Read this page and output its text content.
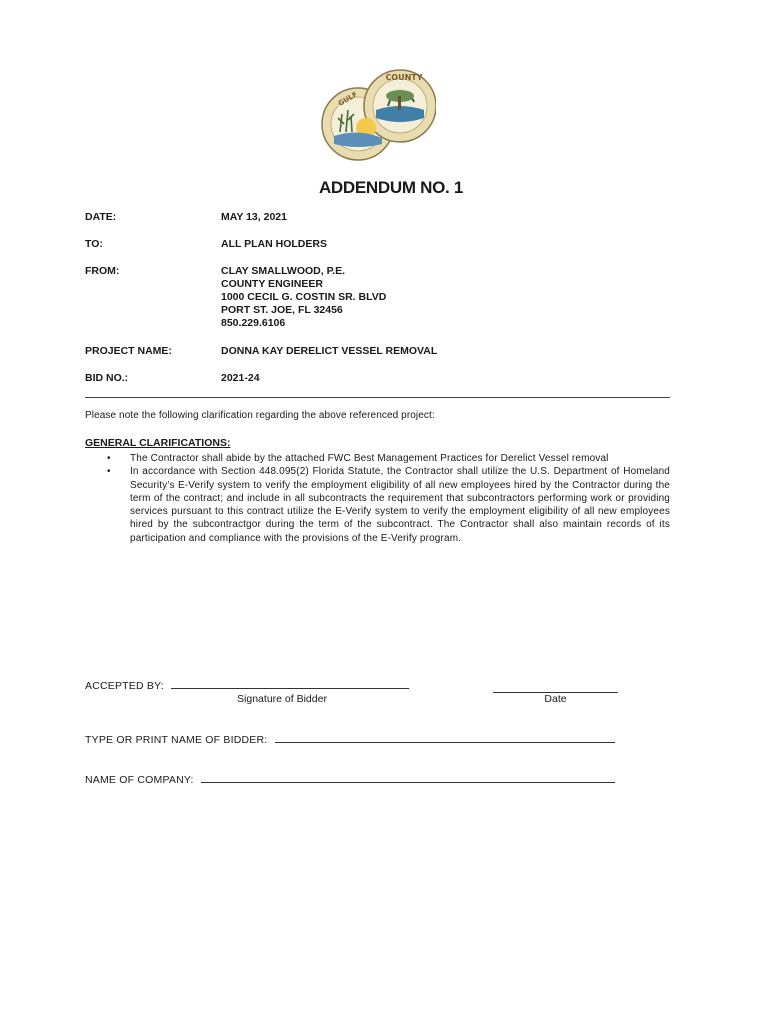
COUNTY
GULF
ADDENDUM NO. 1
DATE:	MAY 13, 2021
TO:	ALL PLAN HOLDERS
FROM:	CLAY SMALLWOOD, P.E.
COUNTY ENGINEER
1000 CECIL G. COSTIN SR. BLVD
PORT ST. JOE, FL 32456
850.229.6106
PROJECT NAME:	DONNA KAY DERELICT VESSEL REMOVAL
BID NO.:	2021-24
Please note the following clarification regarding the above referenced project:
GENERAL CLARIFICATIONS:
• The Contractor shall abide by the attached FWC Best Management Practices for Derelict Vessel removal
• In accordance with Section 448.095(2) Florida Statute, the Contractor shall utilize the U.S. Department of Homeland Security’s E-Verify system to verify the employment eligibility of all new employees hired by the Contractor during the term of the contract; and include in all subcontracts the requirement that subcontractors performing work or providing services pursuant to this contract utilize the E-Verify system to verify the employment eligibility of all new employees hired by the subcontractgor during the term of the subcontract. The Contractor shall also maintain records of its participation and compliance with the provisions of the E-Verify program.
ACCEPTED BY:
Signature of Bidder	Date
TYPE OR PRINT NAME OF BIDDER:
NAME OF COMPANY:
